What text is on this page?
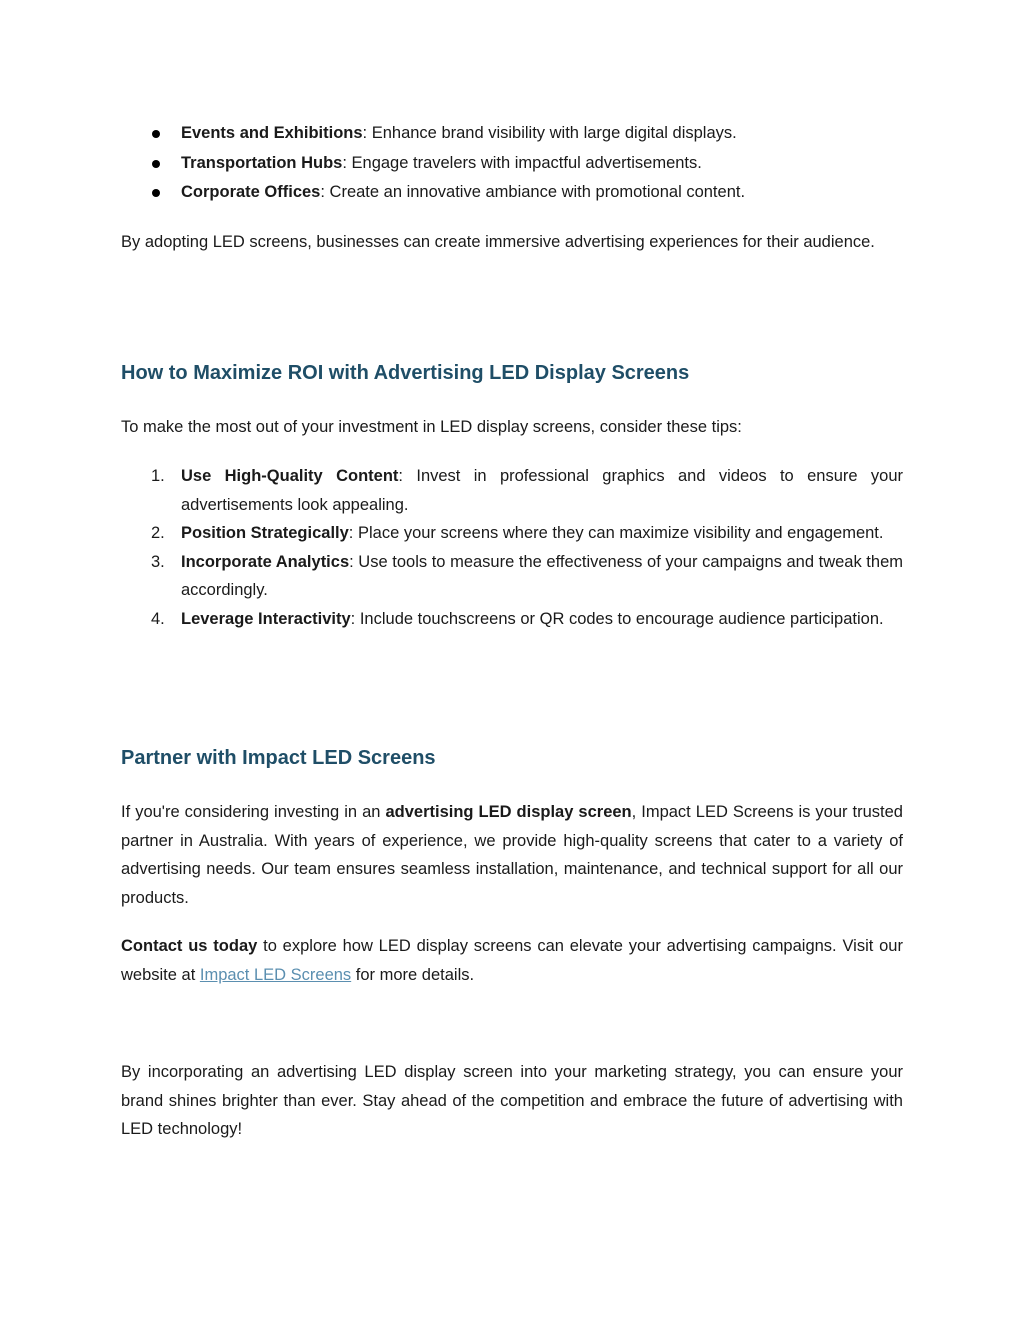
Events and Exhibitions: Enhance brand visibility with large digital displays.
Transportation Hubs: Engage travelers with impactful advertisements.
Corporate Offices: Create an innovative ambiance with promotional content.

By adopting LED screens, businesses can create immersive advertising experiences for their audience.

How to Maximize ROI with Advertising LED Display Screens

To make the most out of your investment in LED display screens, consider these tips:

1. Use High-Quality Content: Invest in professional graphics and videos to ensure your advertisements look appealing.
2. Position Strategically: Place your screens where they can maximize visibility and engagement.
3. Incorporate Analytics: Use tools to measure the effectiveness of your campaigns and tweak them accordingly.
4. Leverage Interactivity: Include touchscreens or QR codes to encourage audience participation.
Partner with Impact LED Screens

If you're considering investing in an advertising LED display screen, Impact LED Screens is your trusted partner in Australia. With years of experience, we provide high-quality screens that cater to a variety of advertising needs. Our team ensures seamless installation, maintenance, and technical support for all our products.

Contact us today to explore how LED display screens can elevate your advertising campaigns. Visit our website at Impact LED Screens for more details.

By incorporating an advertising LED display screen into your marketing strategy, you can ensure your brand shines brighter than ever. Stay ahead of the competition and embrace the future of advertising with LED technology!
